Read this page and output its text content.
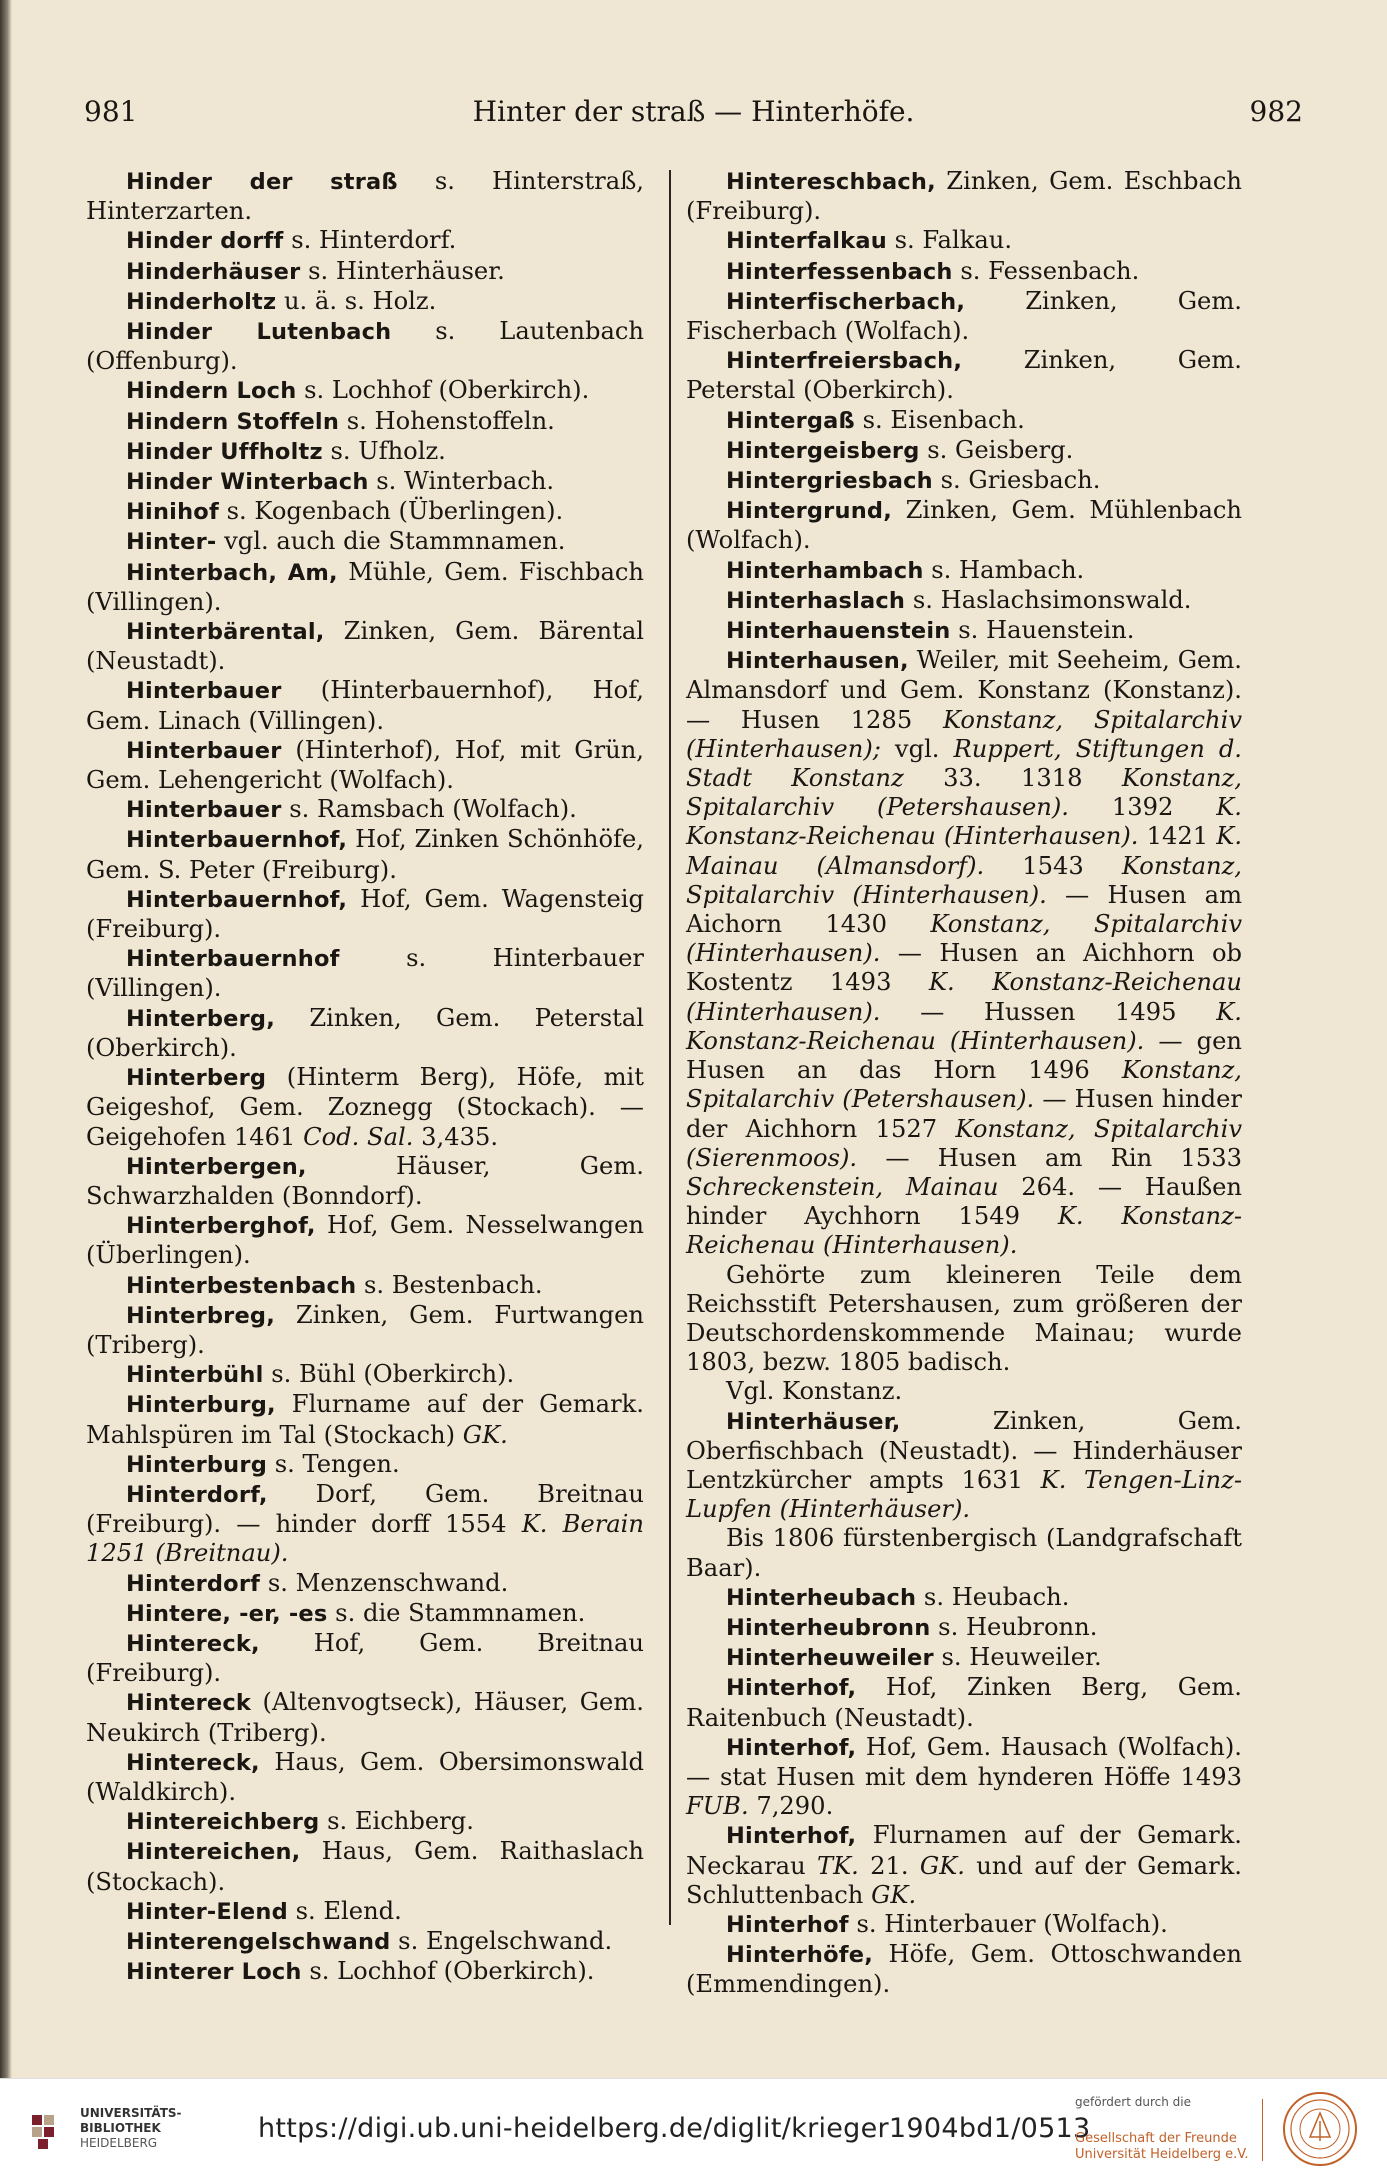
981	Hinter der straß — Hinterhöfe.	982

Hinder der straß s. Hinterstraß, Hinterzarten.

Hinder dorff s. Hinterdorf.

Hinderhäuser s. Hinterhäuser.

Hinderholtz u. ä. s. Holz.

Hinder Lutenbach s. Lautenbach (Offenburg).

Hindern Loch s. Lochhof (Oberkirch).

Hindern Stoffeln s. Hohenstoffeln.

Hinder Uffholtz s. Ufholz.

Hinder Winterbach s. Winterbach.

Hinihof s. Kogenbach (Überlingen).

Hinter- vgl. auch die Stammnamen.

Hinterbach, Am, Mühle, Gem. Fischbach (Villingen).

Hinterbärental, Zinken, Gem. Bärental (Neustadt).

Hinterbauer (Hinterbauernhof), Hof, Gem. Linach (Villingen).

Hinterbauer (Hinterhof), Hof, mit Grün, Gem. Lehengericht (Wolfach).

Hinterbauer s. Ramsbach (Wolfach).

Hinterbauernhof, Hof, Zinken Schönhöfe, Gem. S. Peter (Freiburg).

Hinterbauernhof, Hof, Gem. Wagensteig (Freiburg).

Hinterbauernhof s. Hinterbauer (Villingen).

Hinterberg, Zinken, Gem. Peterstal (Oberkirch).

Hinterberg (Hinterm Berg), Höfe, mit Geigeshof, Gem. Zoznegg (Stockach). — Geigehofen 1461 Cod. Sal. 3,435.

Hinterbergen, Häuser, Gem. Schwarzhalden (Bonndorf).

Hinterberghof, Hof, Gem. Nesselwangen (Überlingen).

Hinterbestenbach s. Bestenbach.

Hinterbreg, Zinken, Gem. Furtwangen (Triberg).

Hinterbühl s. Bühl (Oberkirch).

Hinterburg, Flurname auf der Gemark. Mahlspüren im Tal (Stockach) GK.

Hinterburg s. Tengen.

Hinterdorf, Dorf, Gem. Breitnau (Freiburg). — hinder dorff 1554 K. Berain 1251 (Breitnau).

Hinterdorf s. Menzenschwand.

Hintere, -er, -es s. die Stammnamen.

Hintereck, Hof, Gem. Breitnau (Freiburg).

Hintereck (Altenvogtseck), Häuser, Gem. Neukirch (Triberg).

Hintereck, Haus, Gem. Obersimonswald (Waldkirch).

Hintereichberg s. Eichberg.

Hintereichen, Haus, Gem. Raithaslach (Stockach).

Hinter-Elend s. Elend.

Hinterengelschwand s. Engelschwand.

Hinterer Loch s. Lochhof (Oberkirch).

Hintereschbach, Zinken, Gem. Eschbach (Freiburg).

Hinterfalkau s. Falkau.

Hinterfessenbach s. Fessenbach.

Hinterfischerbach, Zinken, Gem. Fischerbach (Wolfach).

Hinterfreiersbach, Zinken, Gem. Peterstal (Oberkirch).

Hintergaß s. Eisenbach.

Hintergeisberg s. Geisberg.

Hintergriesbach s. Griesbach.

Hintergrund, Zinken, Gem. Mühlenbach (Wolfach).

Hinterhambach s. Hambach.

Hinterhaslach s. Haslachsimonswald.

Hinterhauenstein s. Hauenstein.

Hinterhausen, Weiler, mit Seeheim, Gem. Almansdorf und Gem. Konstanz (Konstanz). — Husen 1285 Konstanz, Spitalarchiv (Hinterhausen); vgl. Ruppert, Stiftungen d. Stadt Konstanz 33. 1318 Konstanz, Spitalarchiv (Petershausen). 1392 K. Konstanz-Reichenau (Hinterhausen). 1421 K. Mainau (Almansdorf). 1543 Konstanz, Spitalarchiv (Hinterhausen). — Husen am Aichorn 1430 Konstanz, Spitalarchiv (Hinterhausen). — Husen an Aichhorn ob Kostentz 1493 K. Konstanz-Reichenau (Hinterhausen). — Hussen 1495 K. Konstanz-Reichenau (Hinterhausen). — gen Husen an das Horn 1496 Konstanz, Spitalarchiv (Petershausen). — Husen hinder der Aichhorn 1527 Konstanz, Spitalarchiv (Sierenmoos). — Husen am Rin 1533 Schreckenstein, Mainau 264. — Haußen hinder Aychhorn 1549 K. Konstanz-Reichenau (Hinterhausen).

Gehörte zum kleineren Teile dem Reichsstift Petershausen, zum größeren der Deutschordenskommende Mainau; wurde 1803, bezw. 1805 badisch.

Vgl. Konstanz.

Hinterhäuser, Zinken, Gem. Oberfischbach (Neustadt). — Hinderhäuser Lentzkürcher ampts 1631 K. Tengen-Linz-Lupfen (Hinterhäuser).

Bis 1806 fürstenbergisch (Landgrafschaft Baar).

Hinterheubach s. Heubach.

Hinterheubronn s. Heubronn.

Hinterheuweiler s. Heuweiler.

Hinterhof, Hof, Zinken Berg, Gem. Raitenbuch (Neustadt).

Hinterhof, Hof, Gem. Hausach (Wolfach). — stat Husen mit dem hynderen Höffe 1493 FUB. 7,290.

Hinterhof, Flurnamen auf der Gemark. Neckarau TK. 21. GK. und auf der Gemark. Schluttenbach GK.

Hinterhof s. Hinterbauer (Wolfach).

Hinterhöfe, Höfe, Gem. Ottoschwanden (Emmendingen).

UNIVERSITÄTS-
BIBLIOTHEK
HEIDELBERG	https://digi.ub.uni-heidelberg.de/diglit/krieger1904bd1/0513
gefördert durch die
Gesellschaft der Freunde
Universität Heidelberg e.V.
